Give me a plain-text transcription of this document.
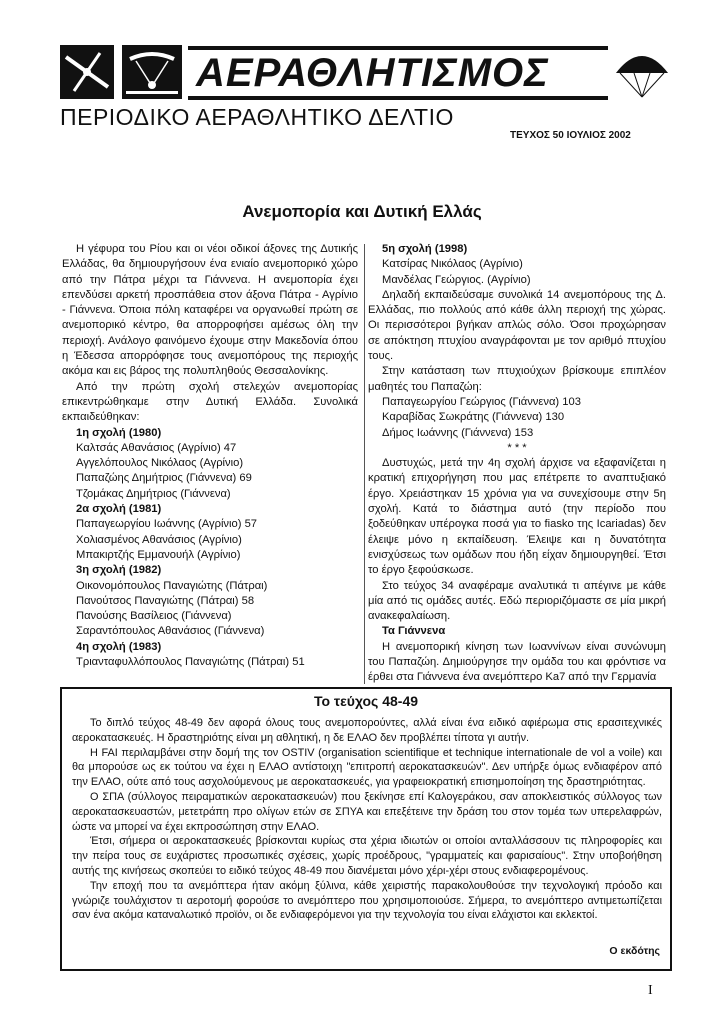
ΑΕΡΑΘΛΗΤΙΣΜΟΣ
ΠΕΡΙΟΔΙΚΟ ΑΕΡΑΘΛΗΤΙΚΟ ΔΕΛΤΙΟ
ΤΕΥΧΟΣ 50 ΙΟΥΛΙΟΣ 2002
Ανεμοπορία και Δυτική Ελλάς

Η γέφυρα του Ρίου και οι νέοι οδικοί άξονες της Δυτικής Ελλάδας, θα δημιουργήσουν ένα ενιαίο ανεμοπορικό χώρο από την Πάτρα μέχρι τα Γιάννενα. Η ανεμοπορία έχει επενδύσει αρκετή προσπάθεια στον άξονα Πάτρα - Αγρίνιο - Γιάννενα. Όποια πόλη καταφέρει να οργανωθεί πρώτη σε ανεμοπορικό κέντρο, θα απορροφήσει αμέσως όλη την περιοχή. Ανάλογο φαινόμενο έχουμε στην Μακεδονία όπου η Έδεσσα απορρόφησε τους ανεμοπόρους της περιοχής ακόμα και εις βάρος της πολυπληθούς Θεσσαλονίκης.

Από την πρώτη σχολή στελεχών ανεμοπορίας επικεντρώθηκαμε στην Δυτική Ελλάδα. Συνολικά εκπαιδεύθηκαν:

1η σχολή (1980)
Καλτσάς Αθανάσιος (Αγρίνιο) 47
Αγγελόπουλος Νικόλαος (Αγρίνιο)
Παπαζώης Δημήτριος (Γιάννενα) 69
Τζομάκας Δημήτριος (Γιάννενα)
2α σχολή (1981)
Παπαγεωργίου Ιωάννης (Αγρίνιο) 57
Χολιασμένος Αθανάσιος (Αγρίνιο)
Μπακιρτζής Εμμανουήλ (Αγρίνιο)
3η σχολή (1982)
Οικονομόπουλος Παναγιώτης (Πάτραι)
Πανούτσος Παναγιώτης (Πάτραι) 58
Πανούσης Βασίλειος (Γιάννενα)
Σαραντόπουλος Αθανάσιος (Γιάννενα)
4η σχολή (1983)
Τριανταφυλλόπουλος Παναγιώτης (Πάτραι) 51
5η σχολή (1998)
Κατσίρας Νικόλαος (Αγρίνιο)
Μανδέλας Γεώργιος. (Αγρίνιο)

Δηλαδή εκπαιδεύσαμε συνολικά 14 ανεμοπόρους της Δ. Ελλάδας, πιο πολλούς από κάθε άλλη περιοχή της χώρας. Οι περισσότεροι βγήκαν απλώς σόλο. Όσοι προχώρησαν σε απόκτηση πτυχίου αναγράφονται με τον αριθμό πτυχίου τους.

Στην κατάσταση των πτυχιούχων βρίσκουμε επιπλέον μαθητές του Παπαζώη:

Παπαγεωργίου Γεώργιος (Γιάννενα) 103
Καραβίδας Σωκράτης (Γιάννενα) 130
Δήμος Ιωάννης (Γιάννενα) 153
* * *

Δυστυχώς, μετά την 4η σχολή άρχισε να εξαφανίζεται η κρατική επιχορήγηση που μας επέτρεπε το αναπτυξιακό έργο. Χρειάστηκαν 15 χρόνια για να συνεχίσουμε στην 5η σχολή. Κατά το διάστημα αυτό (την περίοδο που ξοδεύθηκαν υπέρογκα ποσά για το fiasko της Icariadas) δεν έλειψε μόνο η εκπαίδευση. Έλειψε και η δυνατότητα ενισχύσεως των ομάδων που ήδη είχαν δημιουργηθεί. Έτσι το έργο ξεφούσκωσε.

Στο τεύχος 34 αναφέραμε αναλυτικά τι απέγινε με κάθε μία από τις ομάδες αυτές. Εδώ περιοριζόμαστε σε μία μικρή ανακεφαλαίωση.

Τα Γιάννενα

Η ανεμοπορική κίνηση των Ιωαννίνων είναι συνώνυμη του Παπαζώη. Δημιούργησε την ομάδα του και φρόντισε να έρθει στα Γιάννενα ένα ανεμόπτερο Ka7 από την Γερμανία

Το τεύχος 48-49

Το διπλό τεύχος 48-49 δεν αφορά όλους τους ανεμοπορούντες, αλλά είναι ένα ειδικό αφιέρωμα στις ερασιτεχνικές αεροκατασκευές. Η δραστηριότης είναι μη αθλητική, η δε ΕΛΑΟ δεν προβλέπει τίποτα γι αυτήν.

Η FAI περιλαμβάνει στην δομή της τον OSTIV (organisation scientifique et technique internationale de vol a voile) και θα μπορούσε ως εκ τούτου να έχει η ΕΛΑΟ αντίστοιχη "επιτροπή αεροκατασκευών". Δεν υπήρξε όμως ενδιαφέρον από την ΕΛΑΟ, ούτε από τους ασχολούμενους με αεροκατασκευές, για γραφειοκρατική επισημοποίηση της δραστηριότητας.

Ο ΣΠΑ (σύλλογος πειραματικών αεροκατασκευών) που ξεκίνησε επί Καλογεράκου, σαν αποκλειστικός σύλλογος των αεροκατασκευαστών, μετετράπη προ ολίγων ετών σε ΣΠΥΑ και επεξέτεινε την δράση του στον τομέα των υπερελαφρών, ώστε να μπορεί να έχει εκπροσώπηση στην ΕΛΑΟ.

Έτσι, σήμερα οι αεροκατασκευές βρίσκονται κυρίως στα χέρια ιδιωτών οι οποίοι ανταλλάσσουν τις πληροφορίες και την πείρα τους σε ευχάριστες προσωπικές σχέσεις, χωρίς προέδρους, "γραμματείς και φαρισαίους". Στην υποβοήθηση αυτής της κινήσεως σκοπεύει το ειδικό τεύχος 48-49 που διανέμεται μόνο χέρι-χέρι στους ενδιαφερομένους.

Την εποχή που τα ανεμόπτερα ήταν ακόμη ξύλινα, κάθε χειριστής παρακολουθούσε την τεχνολογική πρόοδο και γνώριζε τουλάχιστον τι αεροτομή φορούσε το ανεμόπτερο που χρησιμοποιούσε. Σήμερα, το ανεμόπτερο αντιμετωπίζεται σαν ένα ακόμα καταναλωτικό προϊόν, οι δε ενδιαφερόμενοι για την τεχνολογία του είναι ελάχιστοι και εκλεκτοί.

Ο εκδότης
I
